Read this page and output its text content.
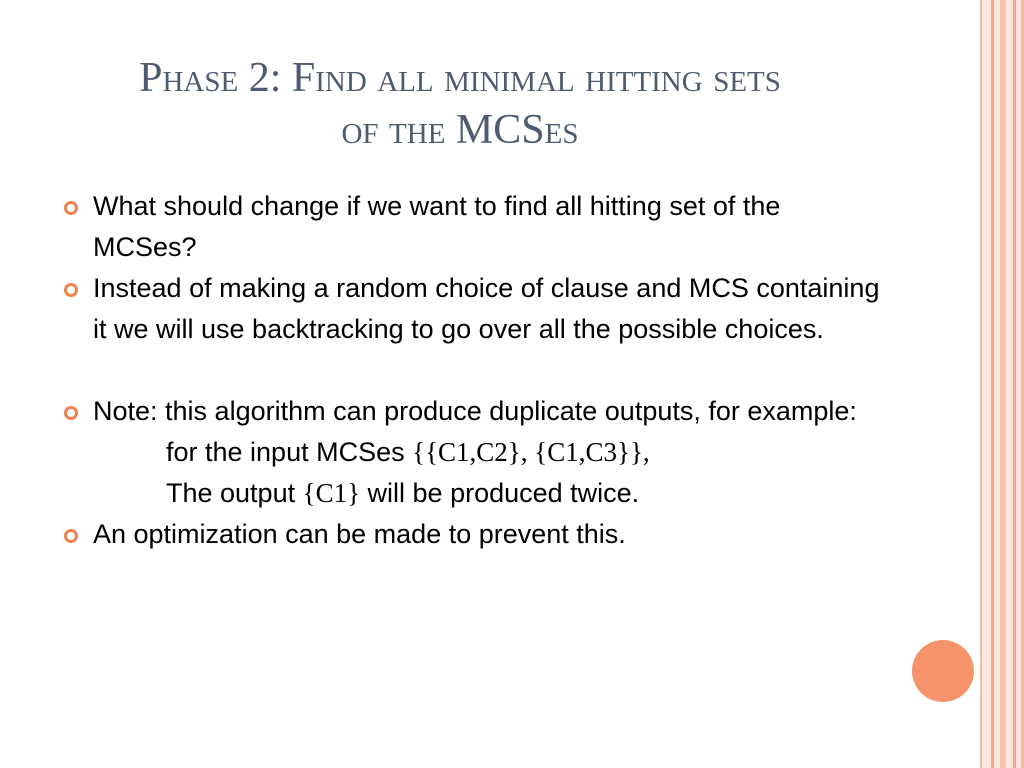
Phase 2: Find all minimal hitting sets
of the MCSes
What should change if we want to find all hitting set of the MCSes?
Instead of making a random choice of clause and MCS containing it we will use backtracking to go over all the possible choices.
Note: this algorithm can produce duplicate outputs, for example:
for the input MCSes {{C1,C2}, {C1,C3}},
The output {C1} will be produced twice.
An optimization can be made to prevent this.
